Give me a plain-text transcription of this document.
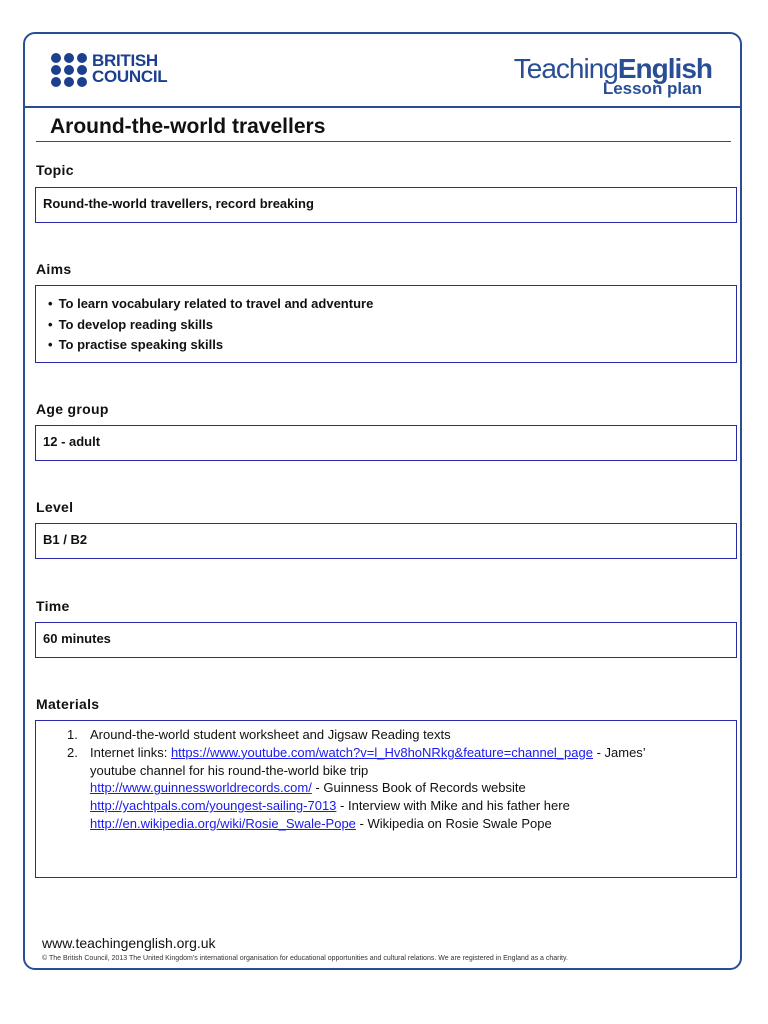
BRITISH
COUNCIL	TeachingEnglish
Lesson plan
Around-the-world travellers
Topic
Round-the-world travellers, record breaking
Aims
• To learn vocabulary related to travel and adventure
• To develop reading skills
• To practise speaking skills
Age group
12 - adult
Level
B1 / B2
Time
60 minutes
Materials
1. Around-the-world student worksheet and Jigsaw Reading texts
2. Internet links: https://www.youtube.com/watch?v=l_Hv8hoNRkg&feature=channel_page - James’
youtube channel for his round-the-world bike trip
http://www.guinnessworldrecords.com/ - Guinness Book of Records website
http://yachtpals.com/youngest-sailing-7013 - Interview with Mike and his father here
http://en.wikipedia.org/wiki/Rosie_Swale-Pope - Wikipedia on Rosie Swale Pope
www.teachingenglish.org.uk
© The British Council, 2013 The United Kingdom’s international organisation for educational opportunities and cultural relations. We are registered in England as a charity.
